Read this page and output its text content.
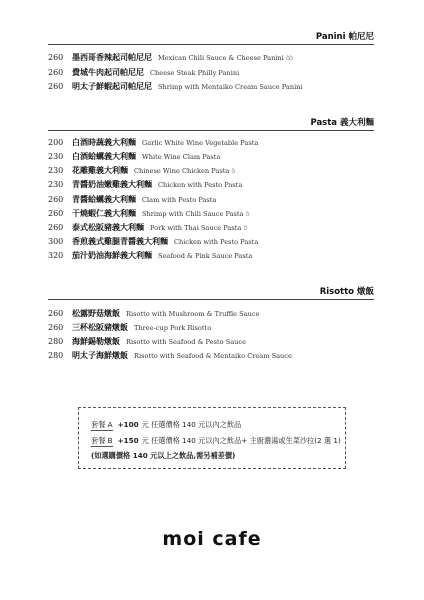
Panini 帕尼尼
260 墨西哥香辣起司帕尼尼 Mexican Chili Sauce & Cheese Panini ꝺꝺ
260 費城牛肉起司帕尼尼 Cheese Steak Philly Panini
260 明太子鮮蝦起司帕尼尼 Shrimp with Mentaiko Cream Sauce Panini
Pasta 義大利麵
200 白酒時蔬義大利麵 Garlic White Wine Vegetable Pasta
230 白酒蛤蠣義大利麵 White Wine Clam Pasta
230 花雕雞義大利麵 Chinese Wine Chicken Pasta ꝺ
230 青醬奶油嫩雞義大利麵 Chicken with Pesto Pasta
260 青醬蛤蠣義大利麵 Clam with Pesto Pasta
260 干燒蝦仁義大利麵 Shrimp with Chili Sauce Pasta ꝺ
260 泰式松阪豬義大利麵 Pork with Thai Sauce Pasta ꝺ
300 香煎義式雞腿青醬義大利麵 Chicken with Pesto Pasta
320 茄汁奶油海鮮義大利麵 Seafood & Pink Sauce Pasta
Risotto 燉飯
260 松露野菇燉飯 Risotto with Mushroom & Truffle Sauce
260 三杯松阪豬燉飯 Three-cup Pork Risotto
280 海鮮錫勒燉飯 Risotto with Seafood & Pesto Sauce
280 明太子海鮮燉飯 Risotto with Seafood & Mentaiko Cream Sauce
套餐 A +100 元 任選價格 140 元以內之飲品
套餐 B +150 元 任選價格 140 元以內之飲品+ 主廚濃湯或生菜沙拉(2 選 1)
(如選購價格 140 元以上之飲品,需另補差價)
moi cafe
